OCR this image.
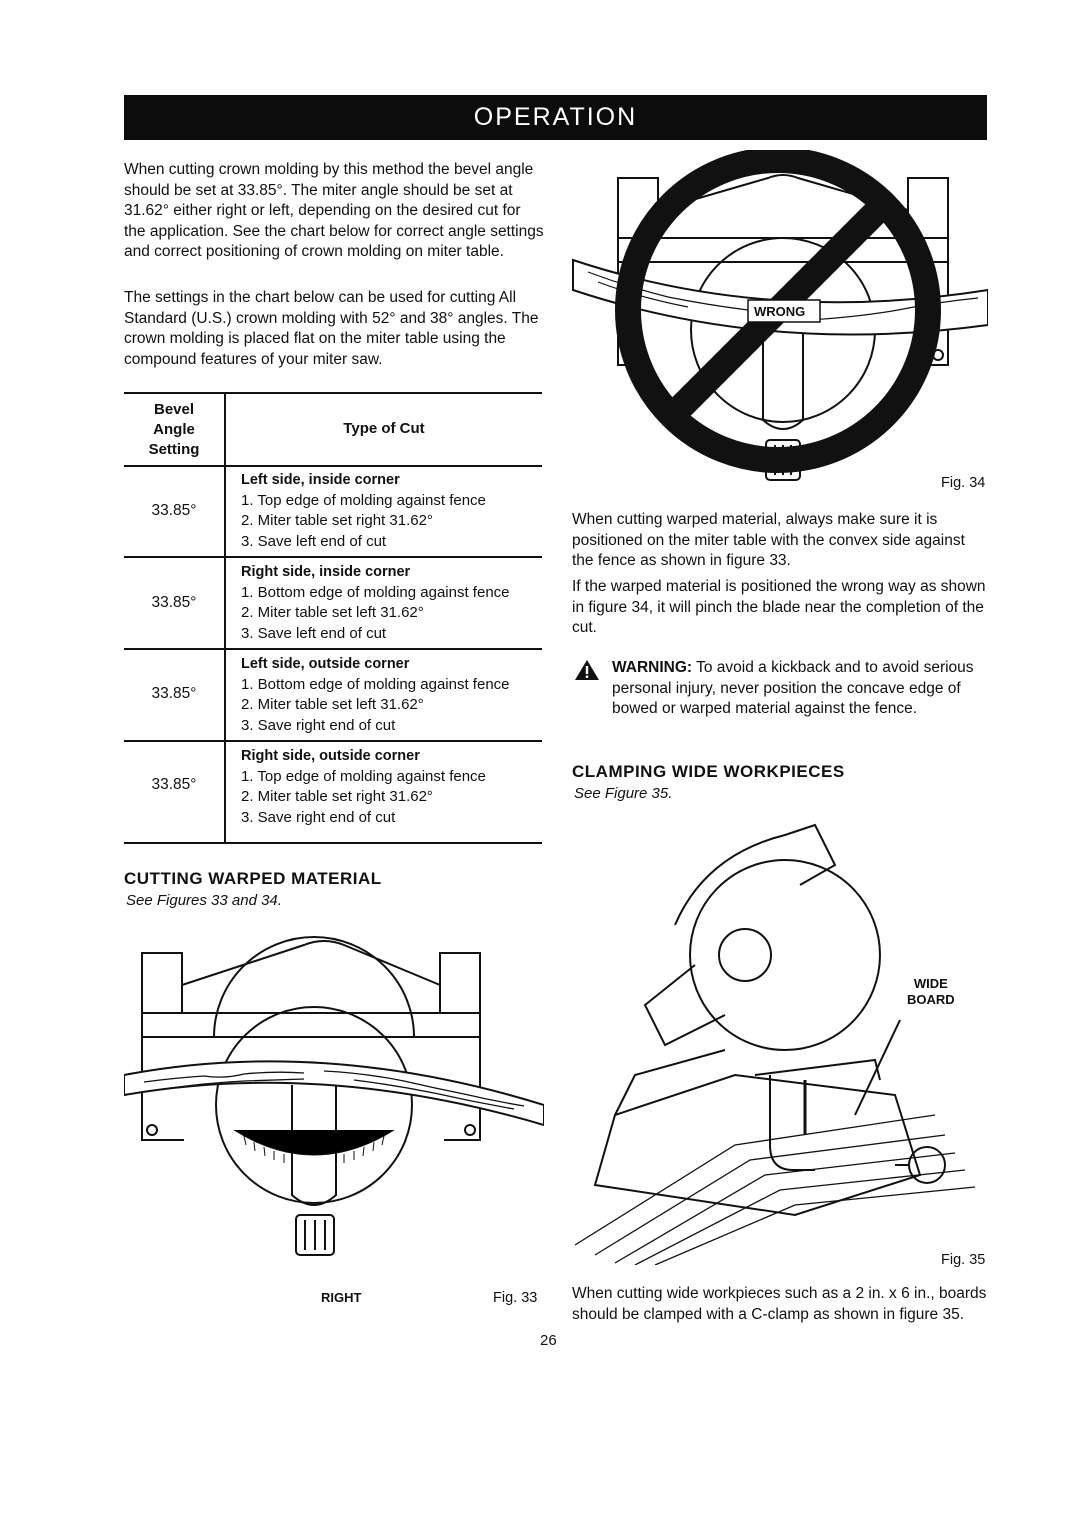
OPERATION

When cutting crown molding by this method the bevel angle should be set at 33.85°. The miter angle should be set at 31.62° either right or left, depending on the desired cut for the application. See the chart below for correct angle settings and correct positioning of crown molding on miter table.

The settings in the chart below can be used for cutting All Standard (U.S.) crown molding with 52° and 38° angles. The crown molding is placed flat on the miter table using the compound features of your miter saw.

Bevel
Angle
Setting
Type of Cut
33.85°
Left side, inside corner
1. Top edge of molding against fence
2. Miter table set right 31.62°
3. Save left end of cut
33.85°
Right side, inside corner
1. Bottom edge of molding against fence
2. Miter table set left 31.62°
3. Save left end of cut
33.85°
Left side, outside corner
1. Bottom edge of molding against fence
2. Miter table set left 31.62°
3. Save right end of cut
33.85°
Right side, outside corner
1. Top edge of molding against fence
2. Miter table set right 31.62°
3. Save right end of cut
CUTTING WARPED MATERIAL
See Figures 33 and 34.
RIGHT	Fig. 33
WRONG
Fig. 34

When cutting warped material, always make sure it is positioned on the miter table with the convex side against the fence as shown in figure 33.

If the warped material is positioned the wrong way as shown in figure 34, it will pinch the blade near the completion of the cut.

WARNING: To avoid a kickback and to avoid serious personal injury, never position the concave edge of bowed or warped material against the fence.
CLAMPING WIDE WORKPIECES
See Figure 35.
WIDE
BOARD
Fig. 35

When cutting wide workpieces such as a 2 in. x 6 in., boards should be clamped with a C-clamp as shown in figure 35.

26
